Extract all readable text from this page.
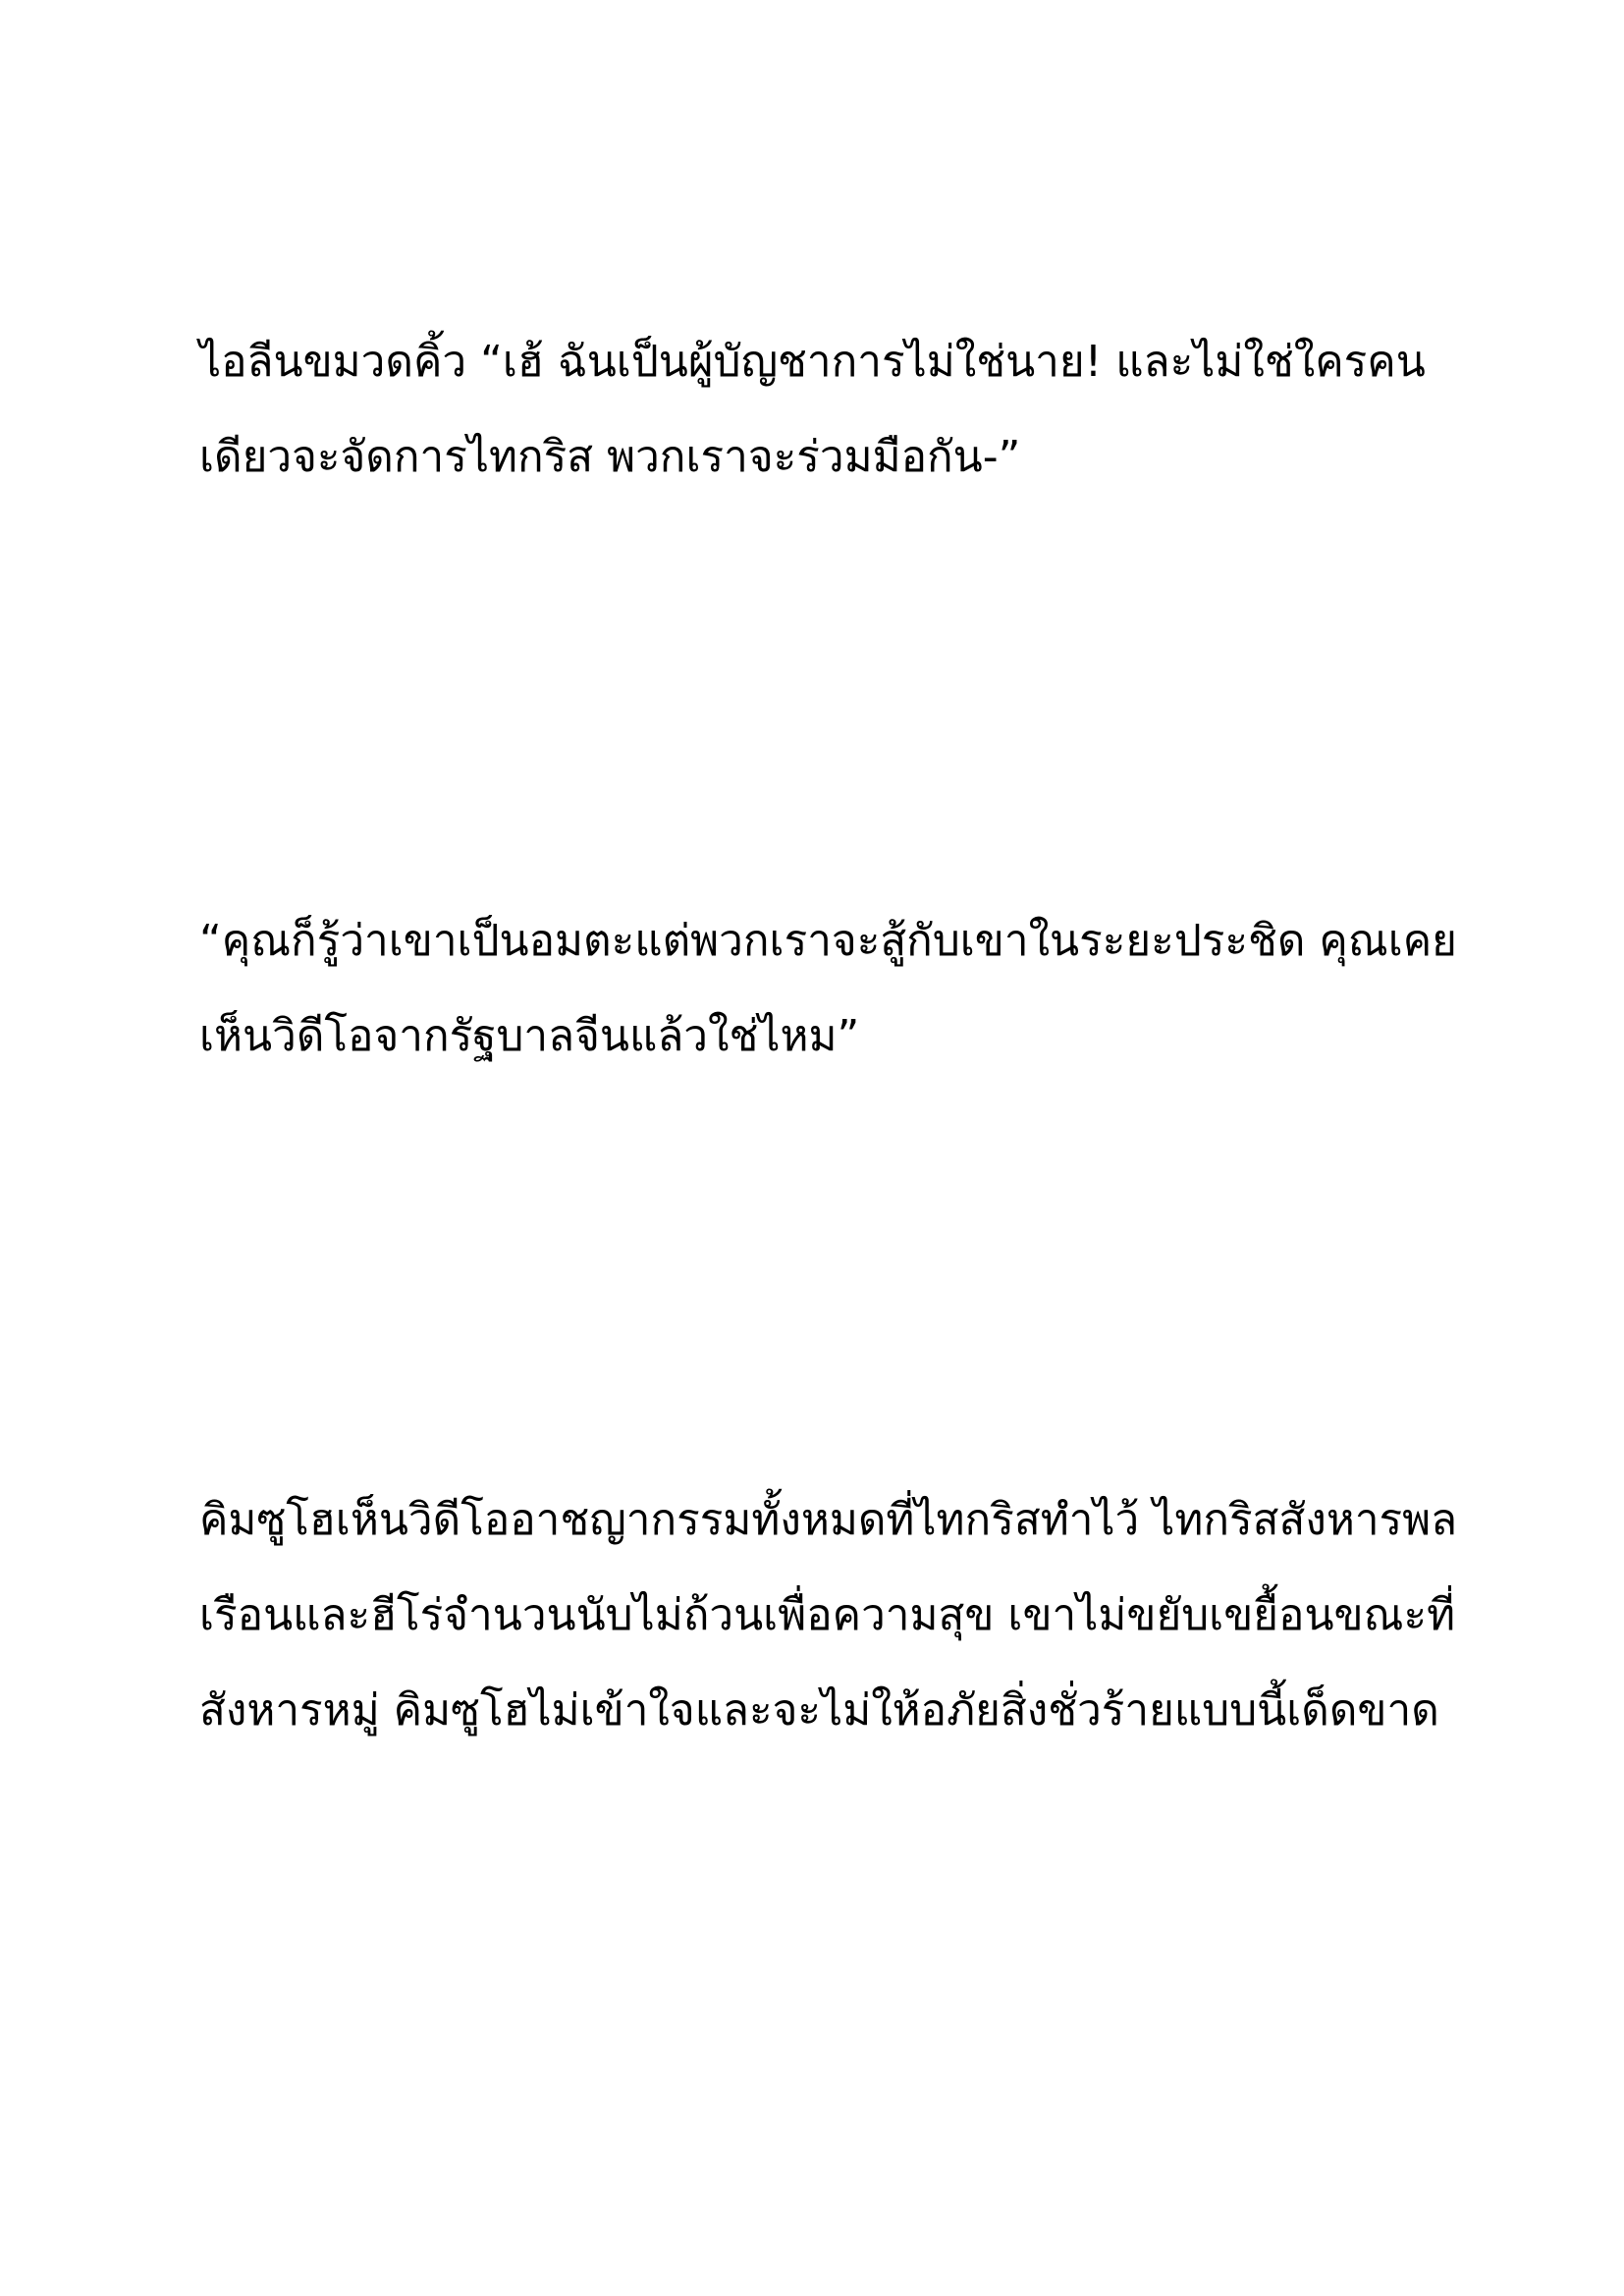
ไอลีนขมวดคิ้ว “เฮ้ ฉันเป็นผู้บัญชาการไม่ใช่นาย! และไม่ใช่ใครคน
เดียวจะจัดการไทกริส พวกเราจะร่วมมือกัน-”

“คุณก็รู้ว่าเขาเป็นอมตะแต่พวกเราจะสู้กับเขาในระยะประชิด คุณเคย
เห็นวิดีโอจากรัฐบาลจีนแล้วใช่ไหม”

คิมซูโฮเห็นวิดีโออาชญากรรมทั้งหมดที่ไทกริสทำไว้ ไทกริสสังหารพล
เรือนและฮีโร่จำนวนนับไม่ถ้วนเพื่อความสุข เขาไม่ขยับเขยื้อนขณะที่
สังหารหมู่ คิมซูโฮไม่เข้าใจและจะไม่ให้อภัยสิ่งชั่วร้ายแบบนี้เด็ดขาด
